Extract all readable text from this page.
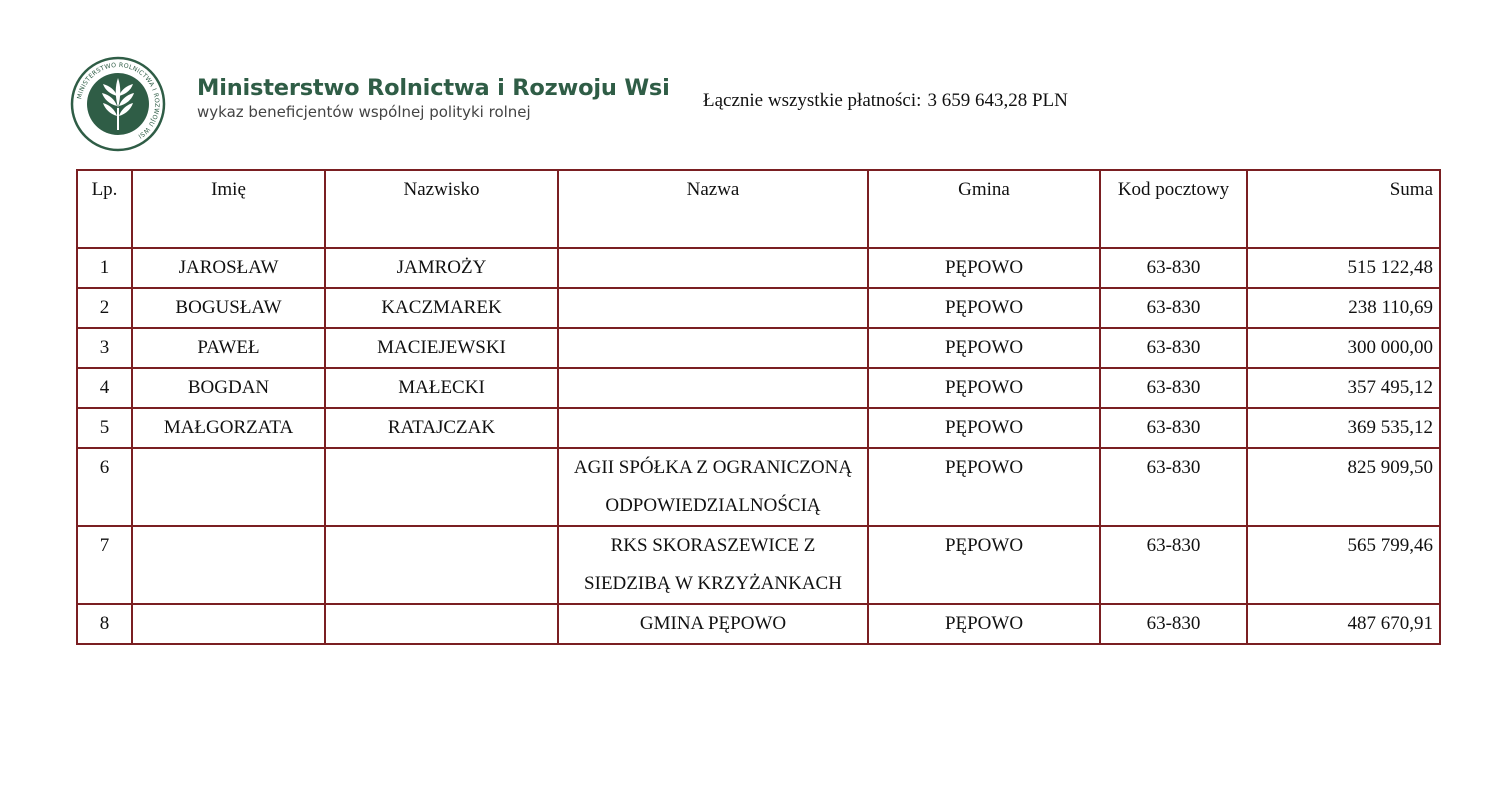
MINISTERSTWO ROLNICTWA I ROZWOJU WSI
Ministerstwo Rolnictwa i Rozwoju Wsi
wykaz beneficjentów wspólnej polityki rolnej
Łącznie wszystkie płatności: 3 659 643,28 PLN
Lp.	Imię	Nazwisko	Nazwa	Gmina	Kod pocztowy	Suma
1	JAROSŁAW	JAMROŻY		PĘPOWO	63-830	515 122,48
2	BOGUSŁAW	KACZMAREK		PĘPOWO	63-830	238 110,69
3	PAWEŁ	MACIEJEWSKI		PĘPOWO	63-830	300 000,00
4	BOGDAN	MAŁECKI		PĘPOWO	63-830	357 495,12
5	MAŁGORZATA	RATAJCZAK		PĘPOWO	63-830	369 535,12
6			AGII SPÓŁKA Z OGRANICZONĄ ODPOWIEDZIALNOŚCIĄ	PĘPOWO	63-830	825 909,50
7			RKS SKORASZEWICE Z SIEDZIBĄ W KRZYŻANKACH	PĘPOWO	63-830	565 799,46
8			GMINA PĘPOWO	PĘPOWO	63-830	487 670,91
